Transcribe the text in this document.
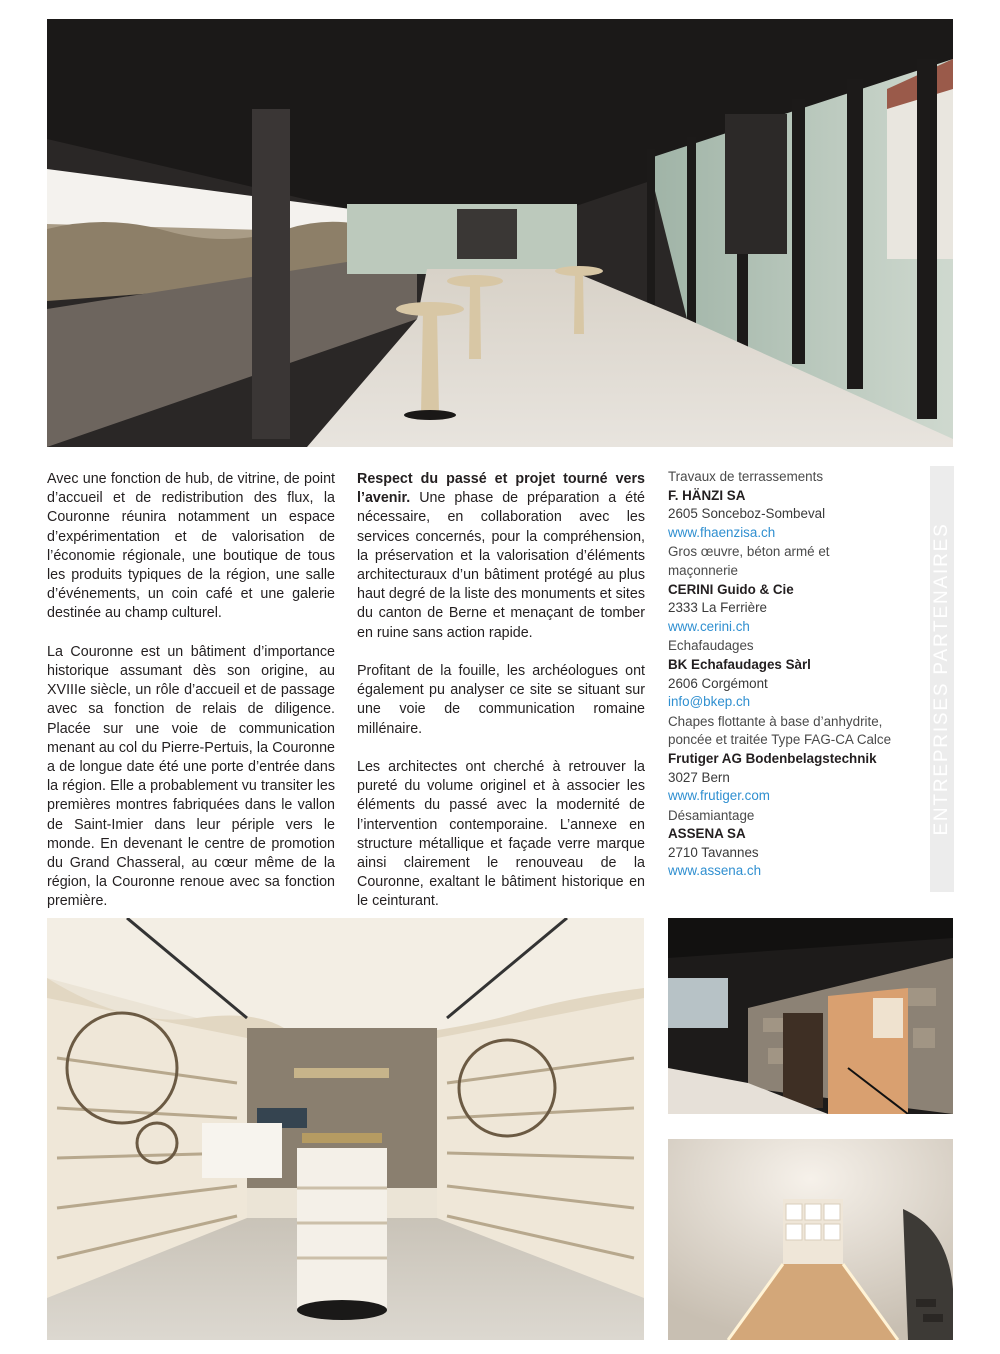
Avec une fonction de hub, de vitrine, de point d’accueil et de redistribution des flux, la Couronne réunira notamment un espace d’expérimentation et de valorisation de l’économie régionale, une boutique de tous les produits typiques de la région, une salle d’événements, un coin café et une galerie destinée au champ culturel.

La Couronne est un bâtiment d’importance historique assumant dès son origine, au XVIIIe siècle, un rôle d’accueil et de passage avec sa fonction de relais de diligence. Placée sur une voie de communication menant au col du Pierre-Pertuis, la Couronne a de longue date été une porte d’entrée dans la région. Elle a probablement vu transiter les premières montres fabriquées dans le vallon de Saint-Imier dans leur périple vers le monde. En devenant le centre de promotion du Grand Chasseral, au cœur même de la région, la Couronne renoue avec sa fonction première.

Respect du passé et projet tourné vers l’avenir. Une phase de préparation a été nécessaire, en collaboration avec les services concernés, pour la compréhension, la préservation et la valorisation d’éléments architecturaux d’un bâtiment protégé au plus haut degré de la liste des monuments et sites du canton de Berne et menaçant de tomber en ruine sans action rapide.

Profitant de la fouille, les archéologues ont également pu analyser ce site se situant sur une voie de communication romaine millénaire.

Les architectes ont cherché à retrouver la pureté du volume originel et à associer les éléments du passé avec la modernité de l’intervention contemporaine. L’annexe en structure métallique et façade verre marque ainsi clairement le renouveau de la Couronne, exaltant le bâtiment historique en le ceinturant.

Travaux de terrassements
F. HÄNZI SA
2605 Sonceboz-Sombeval
www.fhaenzisa.ch
Gros œuvre, béton armé et maçonnerie
CERINI Guido & Cie
2333 La Ferrière
www.cerini.ch
Echafaudages
BK Echafaudages Sàrl
2606 Corgémont
info@bkep.ch
Chapes flottante à base d’anhydrite, poncée et traitée Type FAG-CA Calce
Frutiger AG Bodenbelagstechnik
3027 Bern
www.frutiger.com
Désamiantage
ASSENA SA
2710 Tavannes
www.assena.ch
ENTREPRISES PARTENAIRES
